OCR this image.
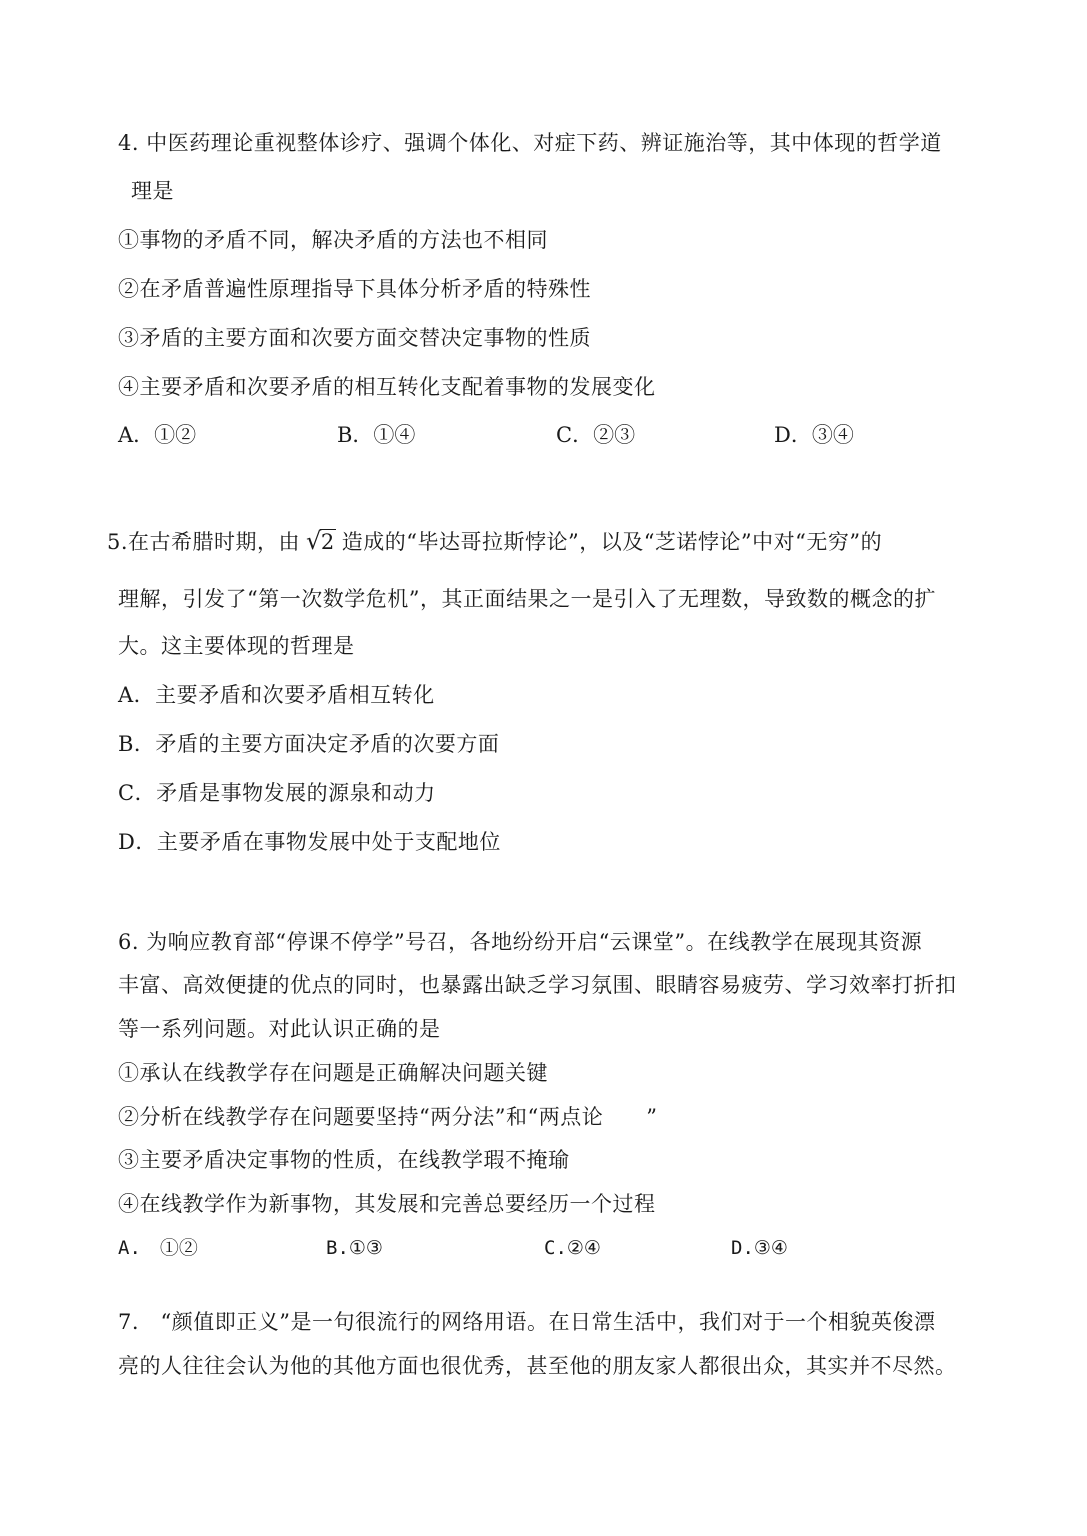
4. 中医药理论重视整体诊疗、强调个体化、对症下药、辨证施治等，其中体现的哲学道
理是
①事物的矛盾不同，解决矛盾的方法也不相同
②在矛盾普遍性原理指导下具体分析矛盾的特殊性
③矛盾的主要方面和次要方面交替决定事物的性质
④主要矛盾和次要矛盾的相互转化支配着事物的发展变化
A．①②	B．①④	C．②③	D．③④
5.在古希腊时期，由 √2 造成的“毕达哥拉斯悖论”，以及“芝诺悖论”中对“无穷”的
理解，引发了“第一次数学危机”，其正面结果之一是引入了无理数，导致数的概念的扩
大。这主要体现的哲理是
A．主要矛盾和次要矛盾相互转化
B．矛盾的主要方面决定矛盾的次要方面
C．矛盾是事物发展的源泉和动力
D．主要矛盾在事物发展中处于支配地位
6. 为响应教育部“停课不停学”号召，各地纷纷开启“云课堂”。在线教学在展现其资源
丰富、高效便捷的优点的同时，也暴露出缺乏学习氛围、眼睛容易疲劳、学习效率打折扣
等一系列问题。对此认识正确的是
①承认在线教学存在问题是正确解决问题关键
②分析在线教学存在问题要坚持“两分法”和“两点论　　”
③主要矛盾决定事物的性质，在线教学瑕不掩瑜
④在线教学作为新事物，其发展和完善总要经历一个过程
A.　①②	B.①③	C.②④	D.③④
7.　“颜值即正义”是一句很流行的网络用语。在日常生活中，我们对于一个相貌英俊漂
亮的人往往会认为他的其他方面也很优秀，甚至他的朋友家人都很出众，其实并不尽然。
